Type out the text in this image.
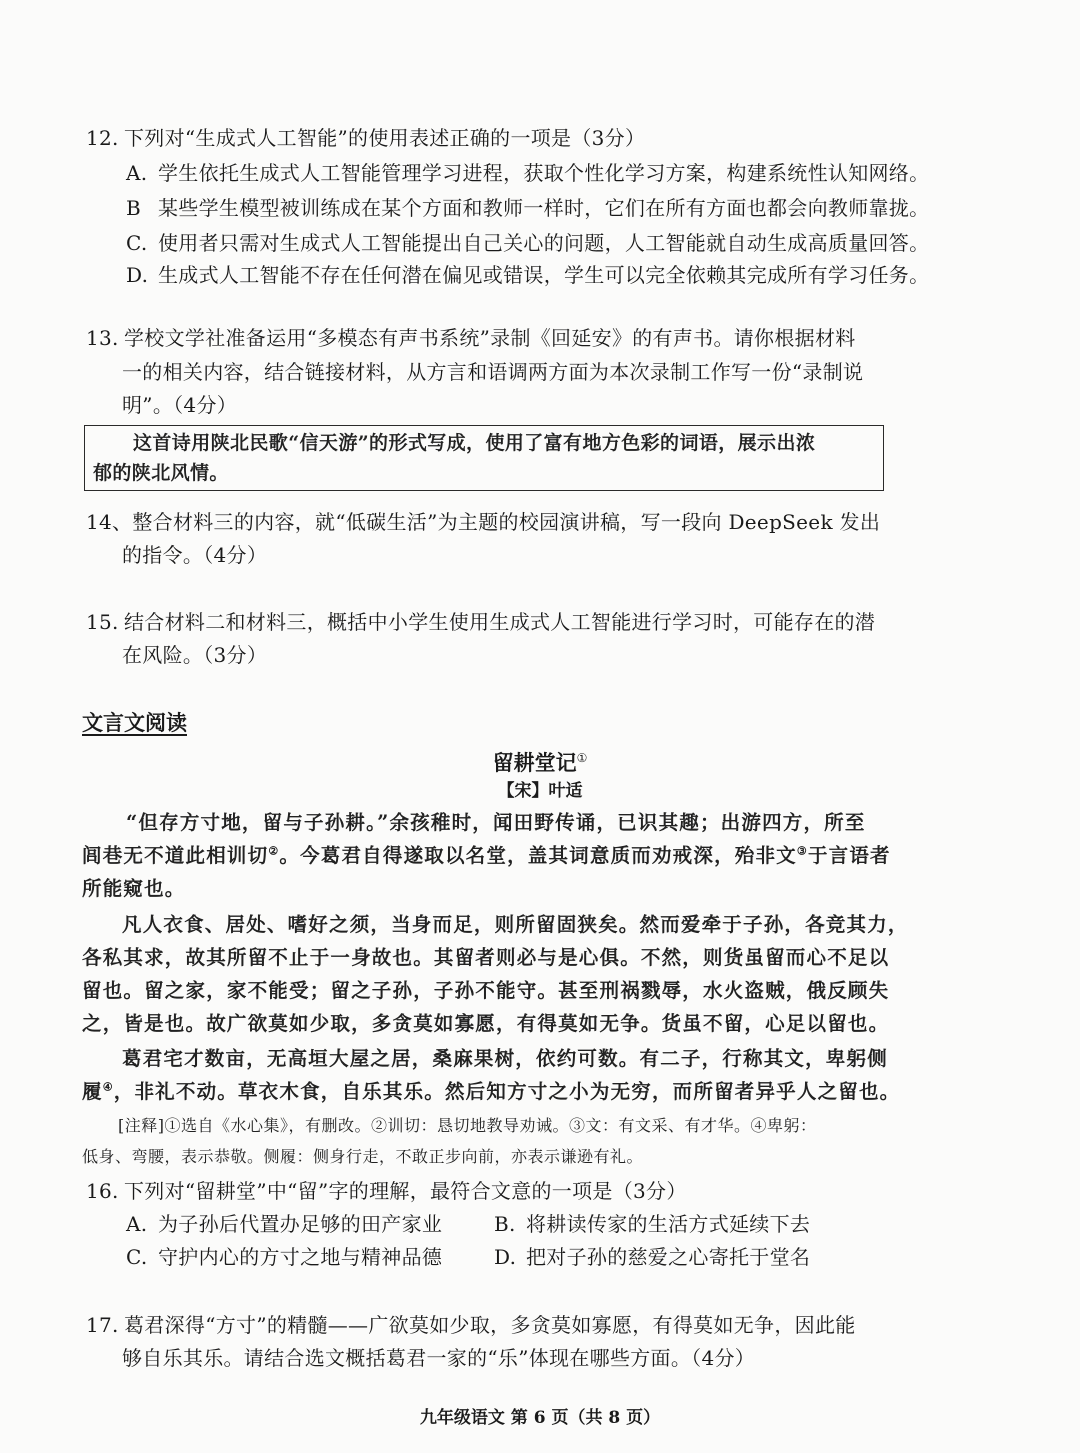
12. 下列对“生成式人工智能”的使用表述正确的一项是（3分）
A. 学生依托生成式人工智能管理学习进程，获取个性化学习方案，构建系统性认知网络。
B 某些学生模型被训练成在某个方面和教师一样时，它们在所有方面也都会向教师靠拢。
C. 使用者只需对生成式人工智能提出自己关心的问题，人工智能就自动生成高质量回答。
D. 生成式人工智能不存在任何潜在偏见或错误，学生可以完全依赖其完成所有学习任务。
13. 学校文学社准备运用“多模态有声书系统”录制《回延安》的有声书。请你根据材料
一的相关内容，结合链接材料，从方言和语调两方面为本次录制工作写一份“录制说
明”。（4分）
这首诗用陕北民歌“信天游”的形式写成，使用了富有地方色彩的词语，展示出浓
郁的陕北风情。
14、整合材料三的内容，就“低碳生活”为主题的校园演讲稿，写一段向 DeepSeek 发出
的指令。（4分）
15. 结合材料二和材料三，概括中小学生使用生成式人工智能进行学习时，可能存在的潜
在风险。（3分）
文言文阅读
留耕堂记①
【宋】叶适
“但存方寸地，留与子孙耕。”余孩稚时，闻田野传诵，已识其趣；出游四方，所至
闾巷无不道此相训切②。今葛君自得遂取以名堂，盖其词意质而劝戒深，殆非文③于言语者
所能窥也。
凡人衣食、居处、嗜好之须，当身而足，则所留固狭矣。然而爱牵于子孙，各竞其力，
各私其求，故其所留不止于一身故也。其留者则必与是心俱。不然，则货虽留而心不足以
留也。留之家，家不能受；留之子孙，子孙不能守。甚至刑祸戮辱，水火盗贼，俄反顾失
之，皆是也。故广欲莫如少取，多贪莫如寡愿，有得莫如无争。货虽不留，心足以留也。
葛君宅才数亩，无高垣大屋之居，桑麻果树，依约可数。有二子，行称其文，卑躬侧
履④，非礼不动。草衣木食，自乐其乐。然后知方寸之小为无穷，而所留者异乎人之留也。
[注释]①选自《水心集》，有删改。②训切：恳切地教导劝诫。③文：有文采、有才华。④卑躬：
低身、弯腰，表示恭敬。侧履：侧身行走，不敢正步向前，亦表示谦逊有礼。
16. 下列对“留耕堂”中“留”字的理解，最符合文意的一项是（3分）
A. 为子孙后代置办足够的田产家业	B. 将耕读传家的生活方式延续下去
C. 守护内心的方寸之地与精神品德	D. 把对子孙的慈爱之心寄托于堂名
17. 葛君深得“方寸”的精髓——广欲莫如少取，多贪莫如寡愿，有得莫如无争，因此能
够自乐其乐。请结合选文概括葛君一家的“乐”体现在哪些方面。（4分）
九年级语文 第 6 页（共 8 页）
